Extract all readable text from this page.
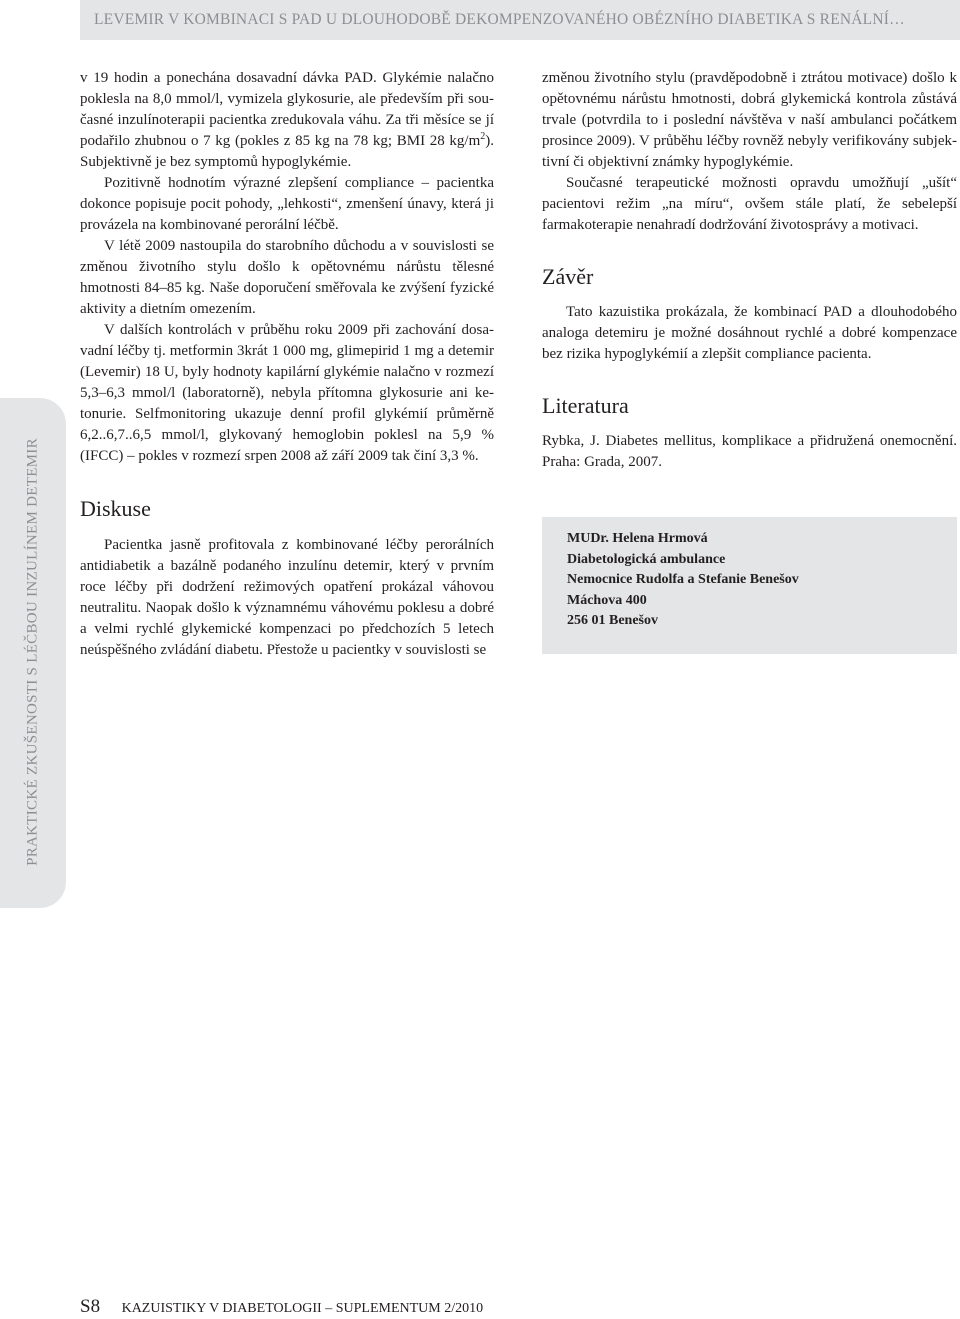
LEVEMIR V KOMBINACI S PAD U DLOUHODOBĚ DEKOMPENZOVANÉHO OBÉZNÍHO DIABETIKA S RENÁLNÍ…
PRAKTICKÉ ZKUŠENOSTI S LÉČBOU INZULÍNEM DETEMIR

v 19 hodin a ponechána dosavadní dávka PAD. Glykémie nalačno poklesla na 8,0 mmol/l, vymizela glykosurie, ale především při současné inzulínoterapii pacientka zredukovala váhu. Za tři měsíce se jí podařilo zhubnou o 7 kg (pokles z 85 kg na 78 kg; BMI 28 $kg/m^2$). Subjektivně je bez symptomů hypoglykémie.

Pozitivně hodnotím výrazné zlepšení compliance – pacientka dokonce popisuje pocit pohody, „lehkosti“, zmenšení únavy, která ji provázela na kombinované perorální léčbě.

V létě 2009 nastoupila do starobního důchodu a v souvislosti se změnou životního stylu došlo k opětovnému nárůstu tělesné hmotnosti 84–85 kg. Naše doporučení směřovala ke zvýšení fyzické aktivity a dietním omezením.

V dalších kontrolách v průběhu roku 2009 při zachování dosavadní léčby tj. metformin 3krát 1 000 mg, glimepirid 1 mg a detemir (Levemir) 18 U, byly hodnoty kapilární glykémie nalačno v rozmezí 5,3–6,3 mmol/l (laboratorně), nebyla přítomna glykosurie ani ketonurie. Selfmonitoring ukazuje denní profil glykémií průměrně 6,2..6,7..6,5 mmol/l, glykovaný hemoglobin poklesl na 5,9 % (IFCC) – pokles v rozmezí srpen 2008 až září 2009 tak činí 3,3 %.

Diskuse

Pacientka jasně profitovala z kombinované léčby perorálních antidiabetik a bazálně podaného inzulínu detemir, který v prvním roce léčby při dodržení režimových opatření prokázal váhovou neutralitu. Naopak došlo k významnému váhovému poklesu a dobré a velmi rychlé glykemické kompenzaci po předchozích 5 letech neúspěšného zvládání diabetu. Přestože u pacientky v souvislosti se

změnou životního stylu (pravděpodobně i ztrátou motivace) došlo k opětovnému nárůstu hmotnosti, dobrá glykemická kontrola zůstává trvale (potvrdila to i poslední návštěva v naší ambulanci počátkem prosince 2009). V průběhu léčby rovněž nebyly verifikovány subjektivní či objektivní známky hypoglykémie.

Současné terapeutické možnosti opravdu umožňují „ušít“ pacientovi režim „na míru“, ovšem stále platí, že sebelepší farmakoterapie nenahradí dodržování životosprávy a motivaci.

Závěr

Tato kazuistika prokázala, že kombinací PAD a dlouhodobého analoga detemiru je možné dosáhnout rychlé a dobré kompenzace bez rizika hypoglykémií a zlepšit compliance pacienta.

Literatura

Rybka, J. Diabetes mellitus, komplikace a přidružená onemocnění. Praha: Grada, 2007.

MUDr. Helena Hrmová
Diabetologická ambulance
Nemocnice Rudolfa a Stefanie Benešov
Máchova 400
256 01 Benešov
S8 KAZUISTIKY V DIABETOLOGII – SUPLEMENTUM 2/2010
